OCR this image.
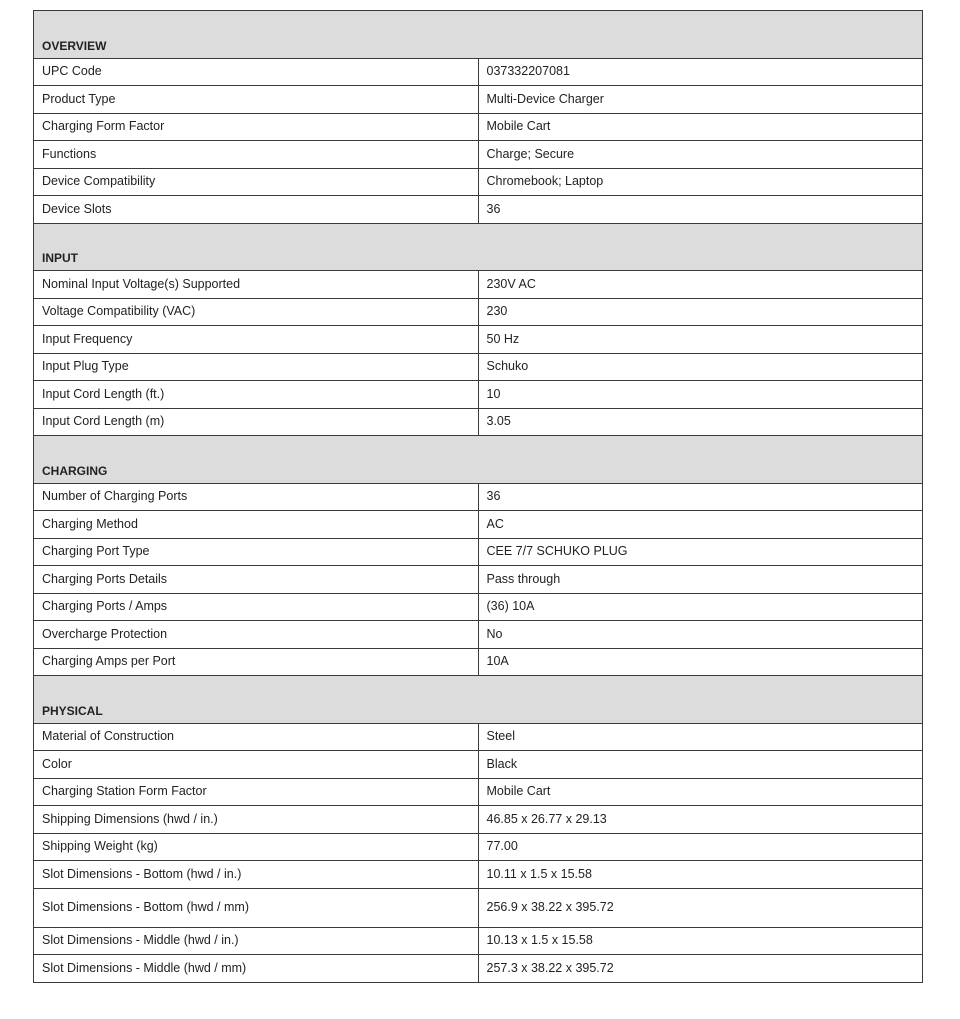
OVERVIEW	
UPC Code	037332207081
Product Type	Multi-Device Charger
Charging Form Factor	Mobile Cart
Functions	Charge; Secure
Device Compatibility	Chromebook; Laptop
Device Slots	36
INPUT	
Nominal Input Voltage(s) Supported	230V AC
Voltage Compatibility (VAC)	230
Input Frequency	50 Hz
Input Plug Type	Schuko
Input Cord Length (ft.)	10
Input Cord Length (m)	3.05
CHARGING	
Number of Charging Ports	36
Charging Method	AC
Charging Port Type	CEE 7/7 SCHUKO PLUG
Charging Ports Details	Pass through
Charging Ports / Amps	(36) 10A
Overcharge Protection	No
Charging Amps per Port	10A
PHYSICAL	
Material of Construction	Steel
Color	Black
Charging Station Form Factor	Mobile Cart
Shipping Dimensions (hwd / in.)	46.85 x 26.77 x 29.13
Shipping Weight (kg)	77.00
Slot Dimensions - Bottom (hwd / in.)	10.11 x 1.5 x 15.58
Slot Dimensions - Bottom (hwd / mm)	256.9 x 38.22 x 395.72
Slot Dimensions - Middle (hwd / in.)	10.13 x 1.5 x 15.58
Slot Dimensions - Middle (hwd / mm)	257.3 x 38.22 x 395.72
